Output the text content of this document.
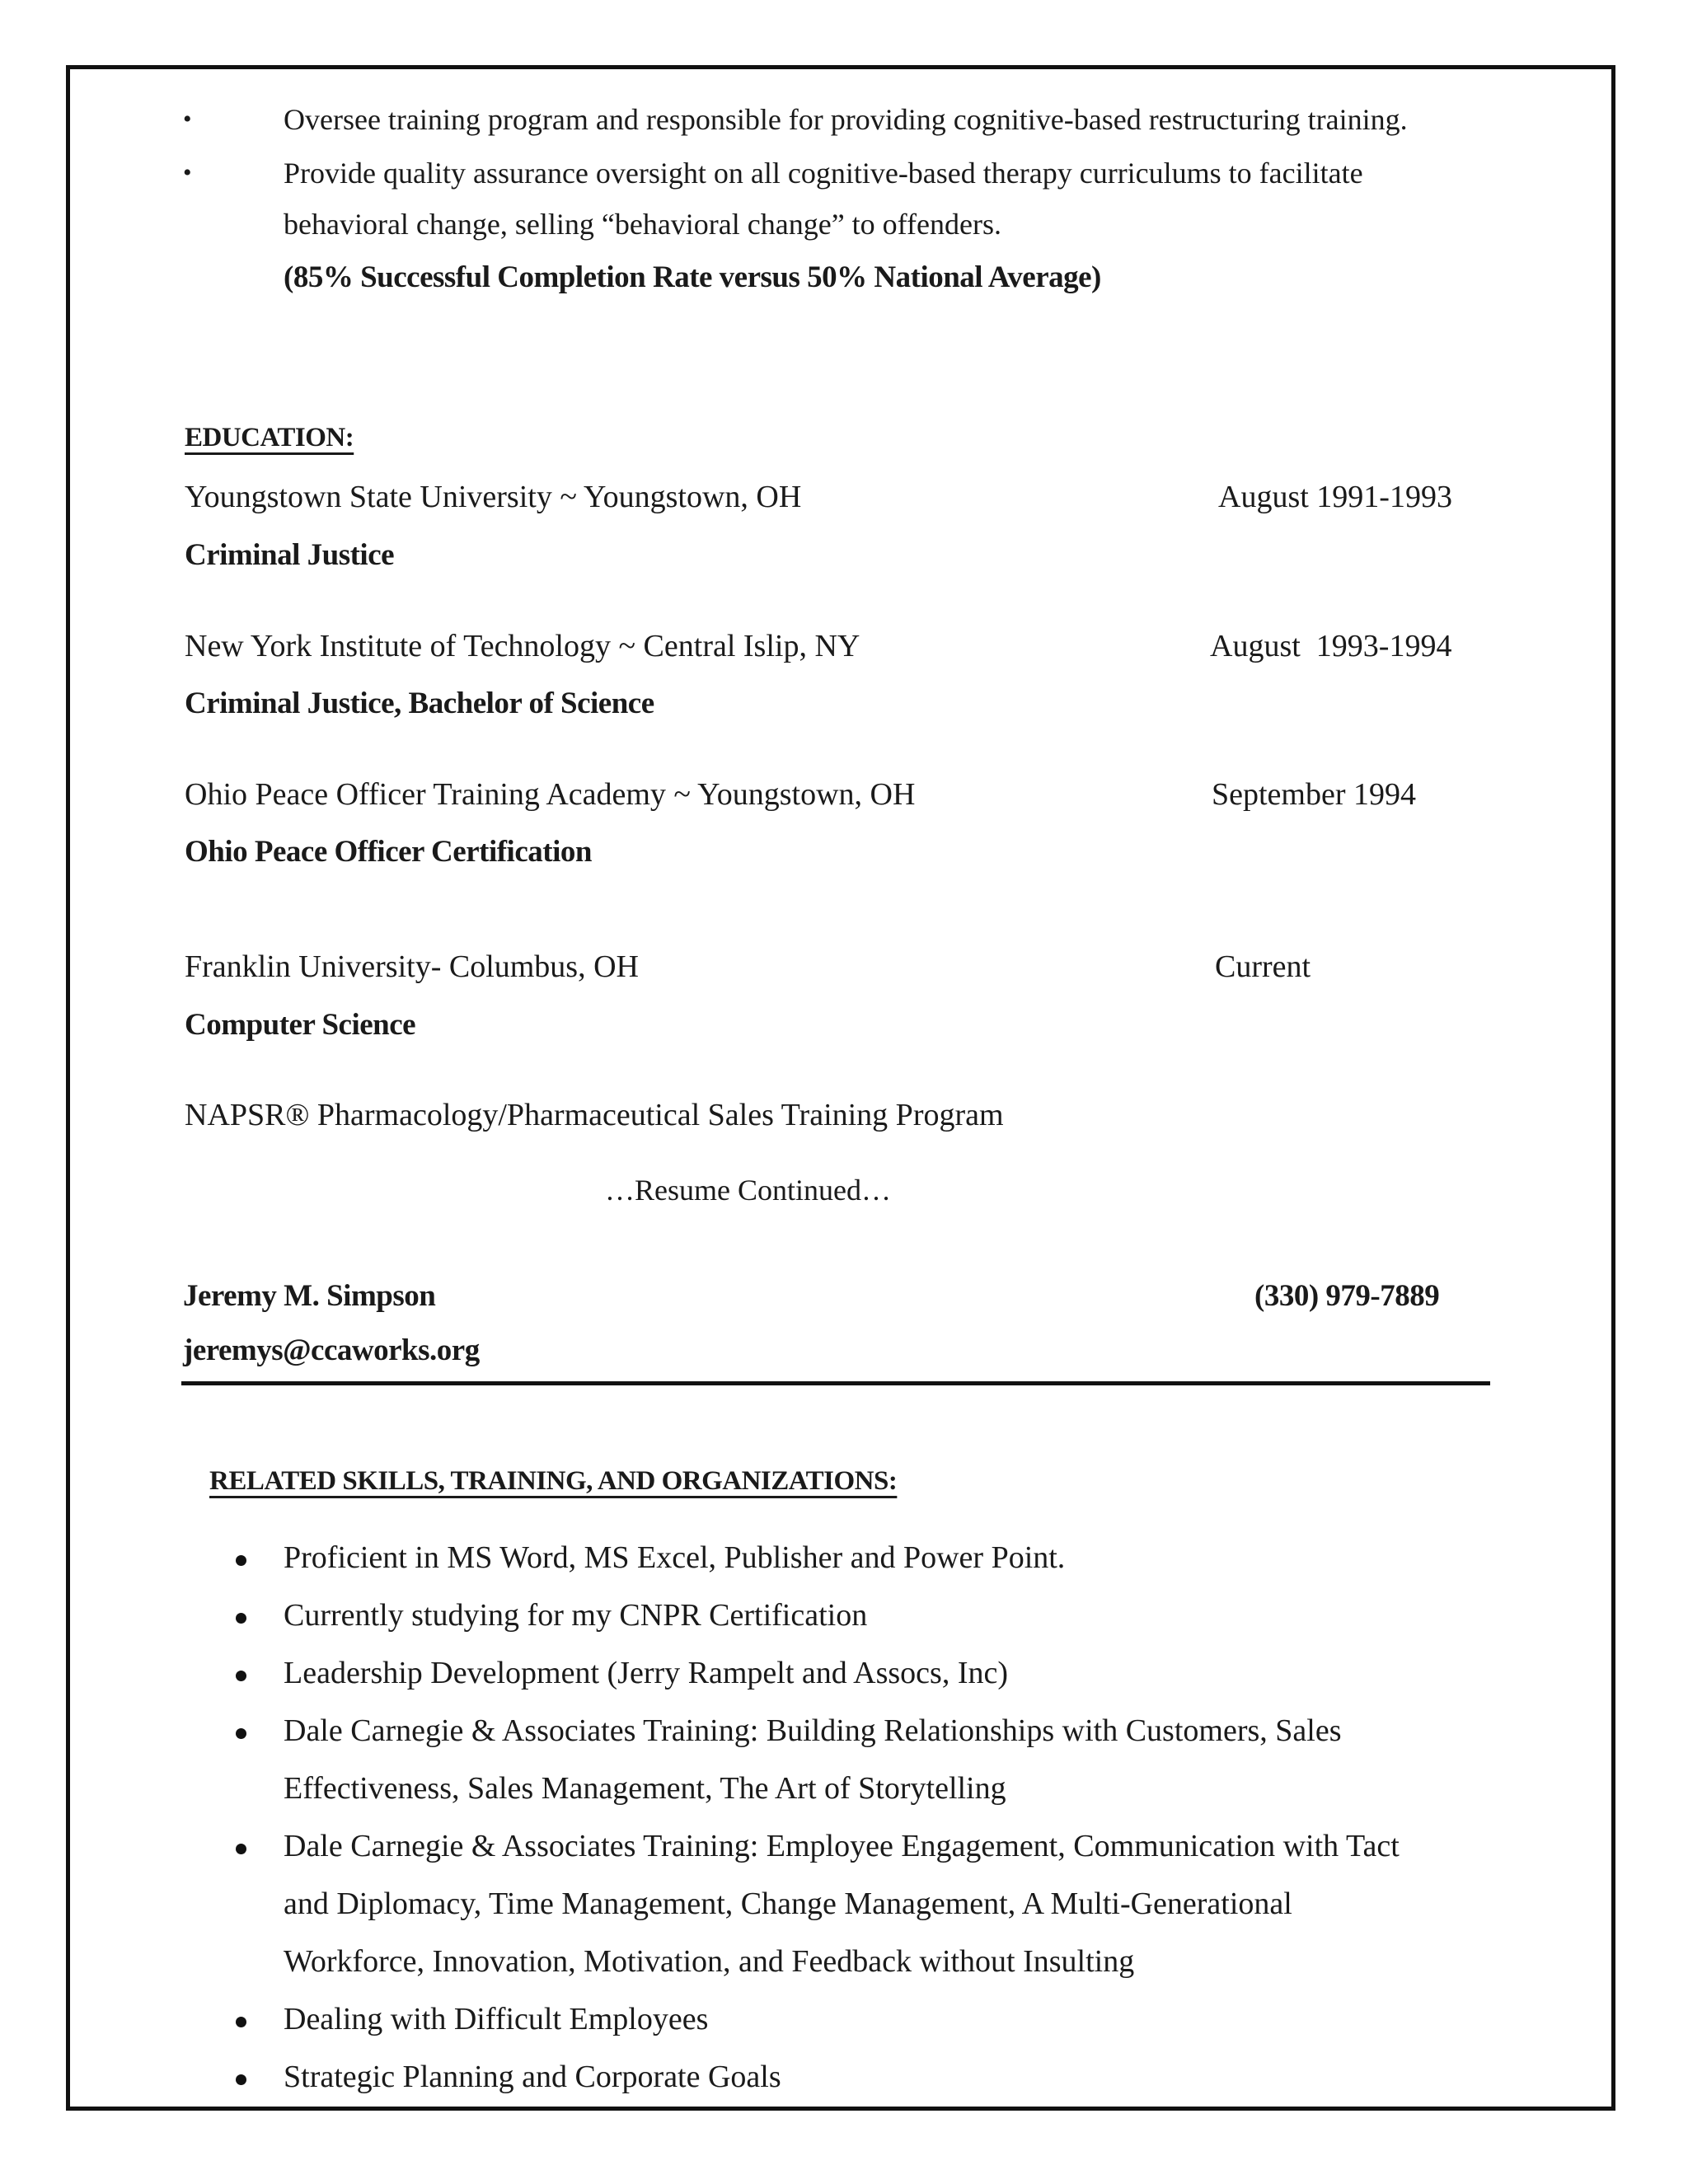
•	Oversee training program and responsible for providing cognitive-based restructuring training.
•	Provide quality assurance oversight on all cognitive-based therapy curriculums to facilitate
behavioral change, selling “behavioral change” to offenders.
(85% Successful Completion Rate versus 50% National Average)
EDUCATION:
Youngstown State University ~ Youngstown, OH	August 1991-1993
Criminal Justice
New York Institute of Technology ~ Central Islip, NY	August  1993-1994
Criminal Justice, Bachelor of Science
Ohio Peace Officer Training Academy ~ Youngstown, OH	September 1994
Ohio Peace Officer Certification
Franklin University- Columbus, OH	Current
Computer Science
NAPSR® Pharmacology/Pharmaceutical Sales Training Program
…Resume Continued…
Jeremy M. Simpson	(330) 979-7889
jeremys@ccaworks.org
RELATED SKILLS, TRAINING, AND ORGANIZATIONS:
Proficient in MS Word, MS Excel, Publisher and Power Point.
Currently studying for my CNPR Certification
Leadership Development (Jerry Rampelt and Assocs, Inc)
Dale Carnegie & Associates Training: Building Relationships with Customers, Sales
Effectiveness, Sales Management, The Art of Storytelling
Dale Carnegie & Associates Training: Employee Engagement, Communication with Tact
and Diplomacy, Time Management, Change Management, A Multi-Generational
Workforce, Innovation, Motivation, and Feedback without Insulting
Dealing with Difficult Employees
Strategic Planning and Corporate Goals
